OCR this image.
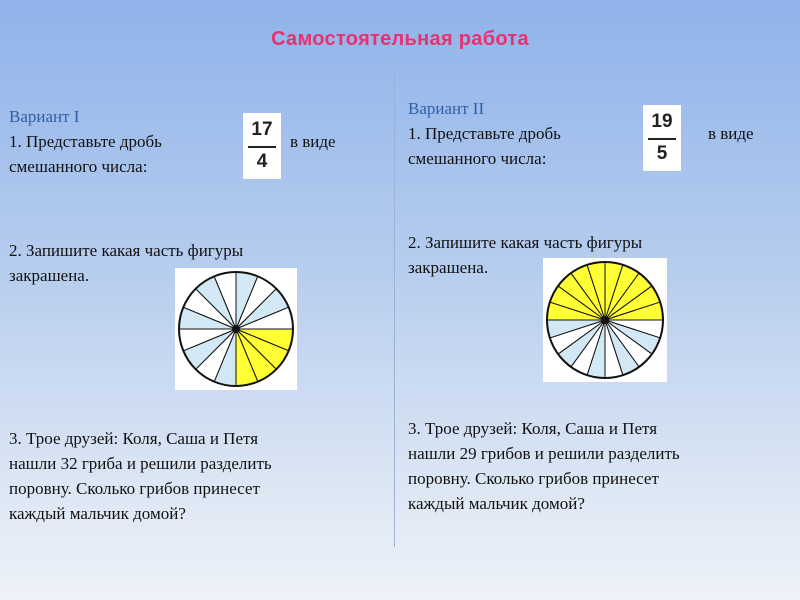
Самостоятельная работа
Вариант I
1. Представьте дробь
17
4
в виде
смешанного числа:
2. Запишите какая часть фигуры
закрашена.
3. Трое друзей: Коля, Саша и Петя
нашли 32 гриба и решили разделить
поровну. Сколько грибов принесет
каждый мальчик домой?
Вариант II
1. Представьте дробь
19
5
в виде
смешанного числа:
2. Запишите какая часть фигуры
закрашена.
3. Трое друзей: Коля, Саша и Петя
нашли 29 грибов и решили разделить
поровну. Сколько грибов принесет
каждый мальчик домой?
